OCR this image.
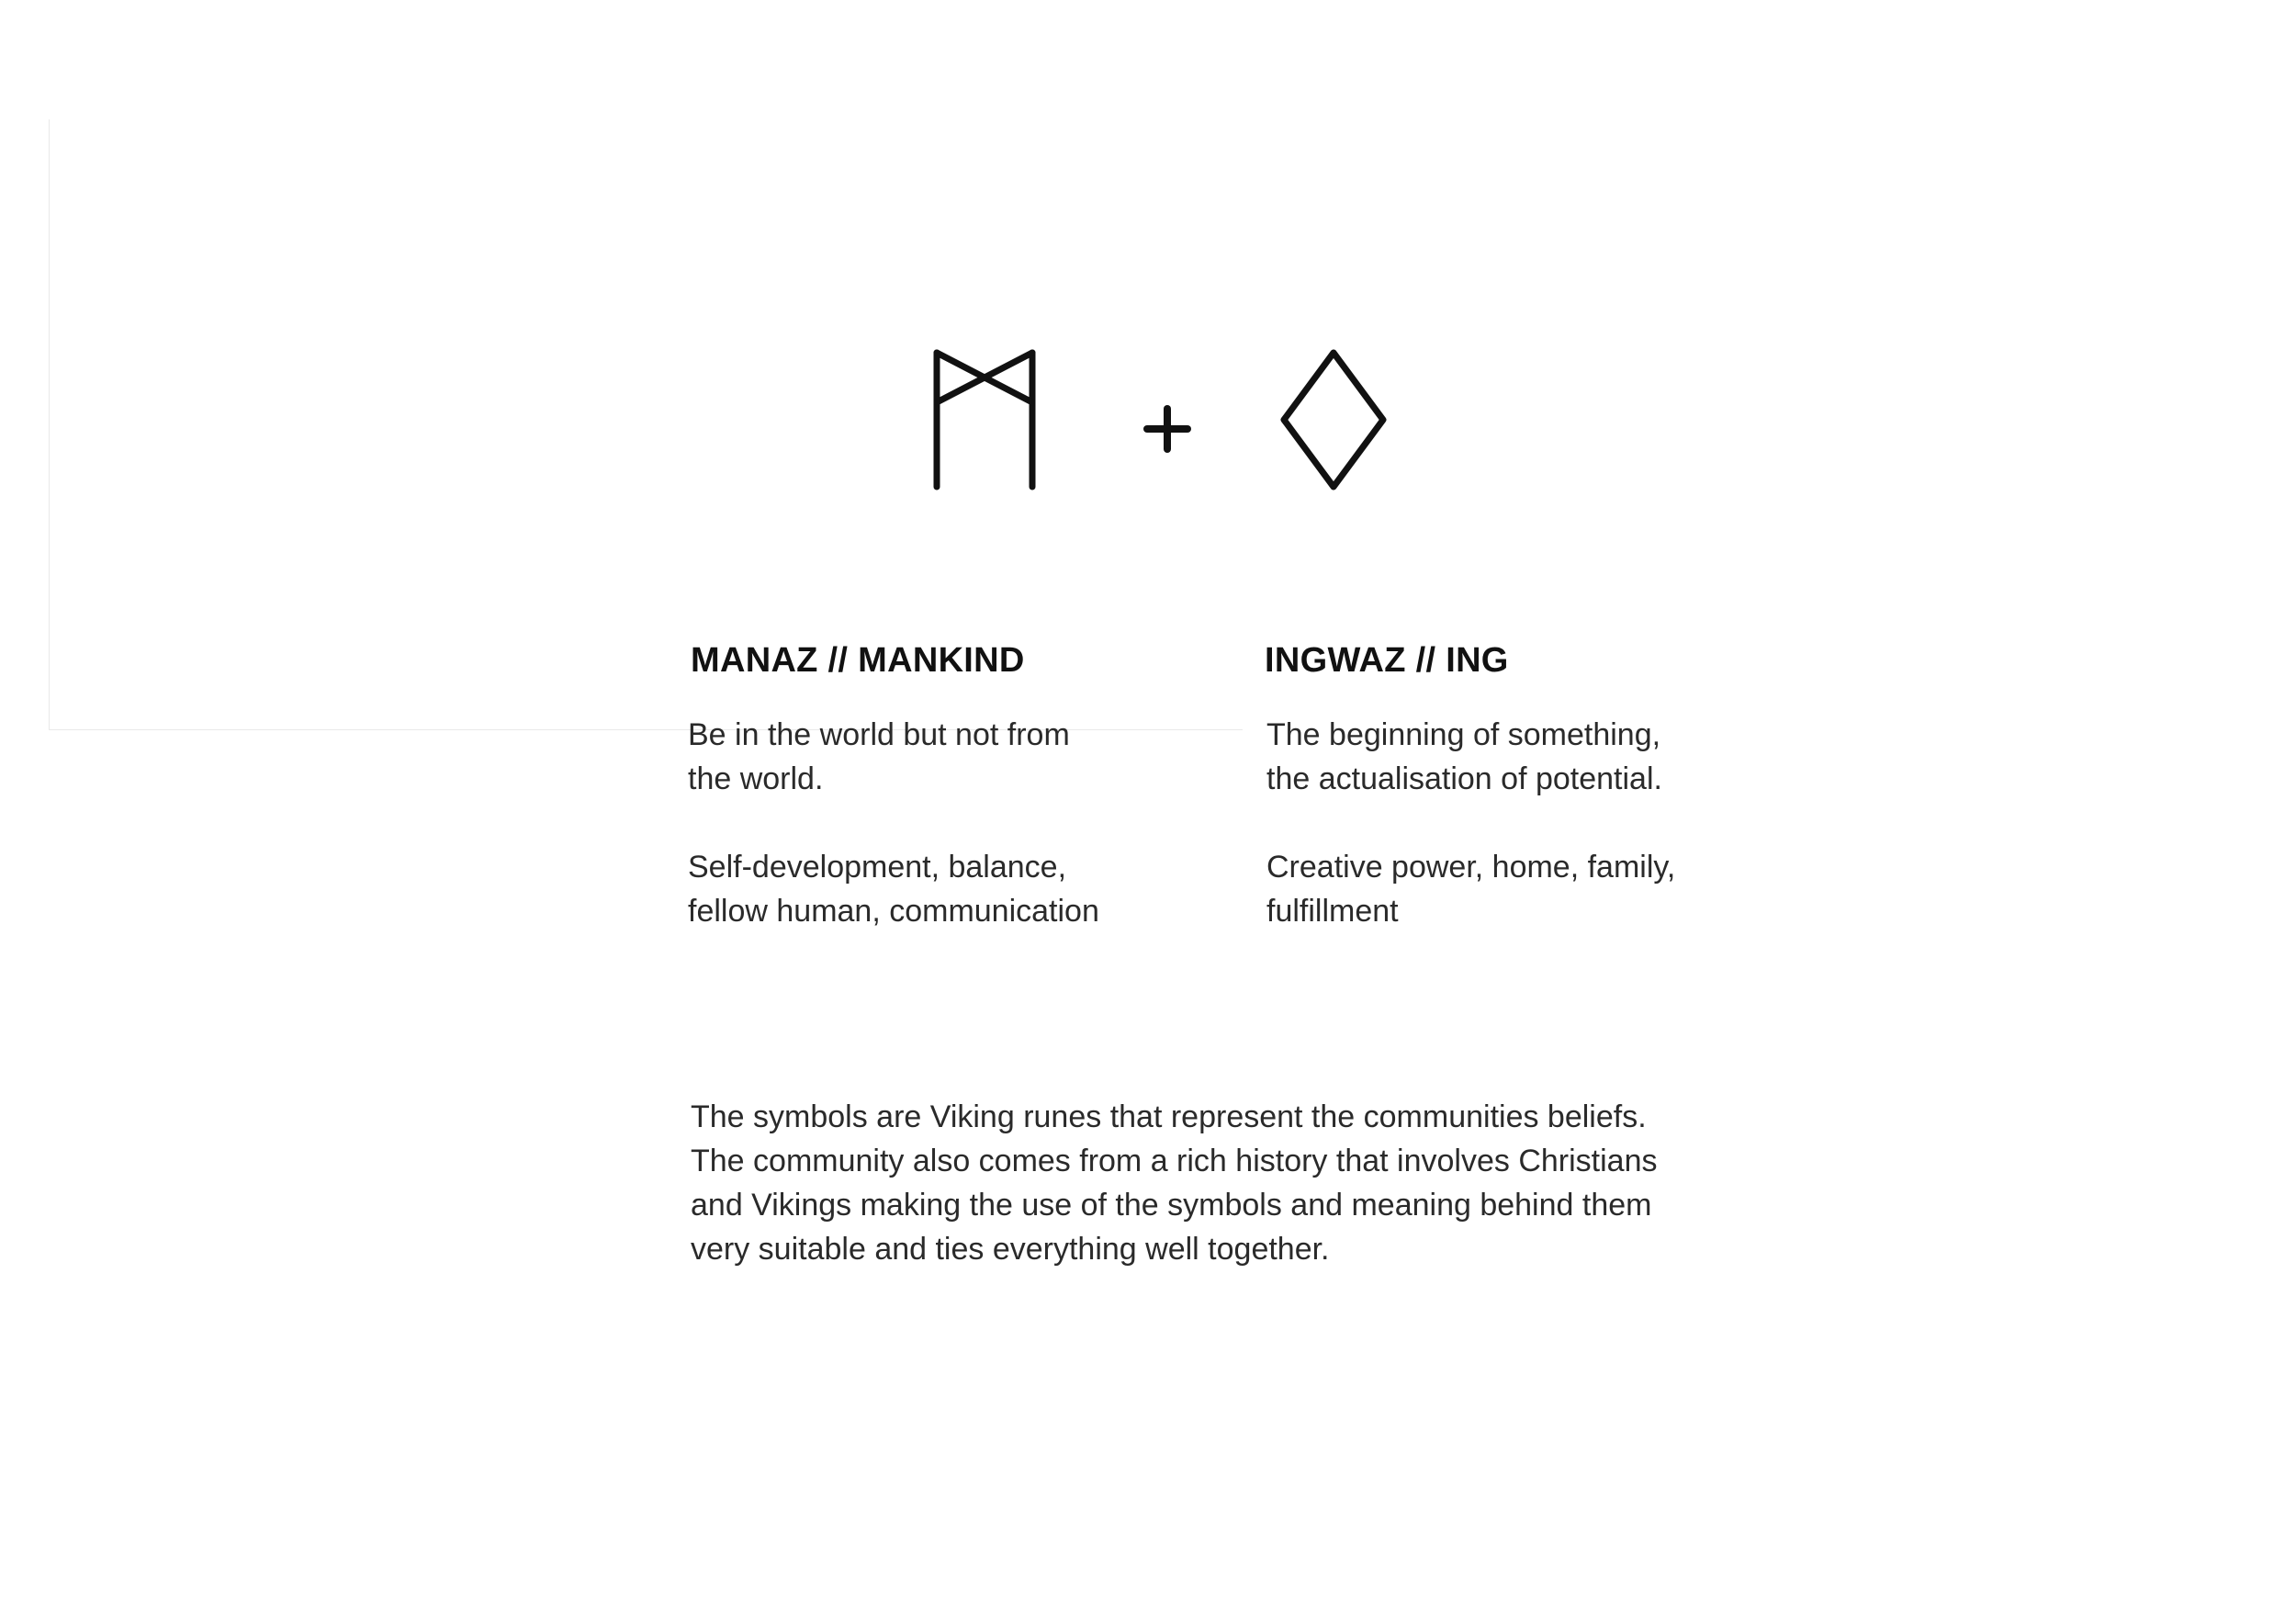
MANAZ // MANKIND	INGWAZ // ING

Be in the world but not from

the world.

Self-development, balance,

fellow human, communication

The beginning of something,

the actualisation of potential.

Creative power, home, family,

fulfillment

The symbols are Viking runes that represent the communities beliefs.
The community also comes from a rich history that involves Christians
and Vikings making the use of the symbols and meaning behind them
very suitable and ties everything well together.
